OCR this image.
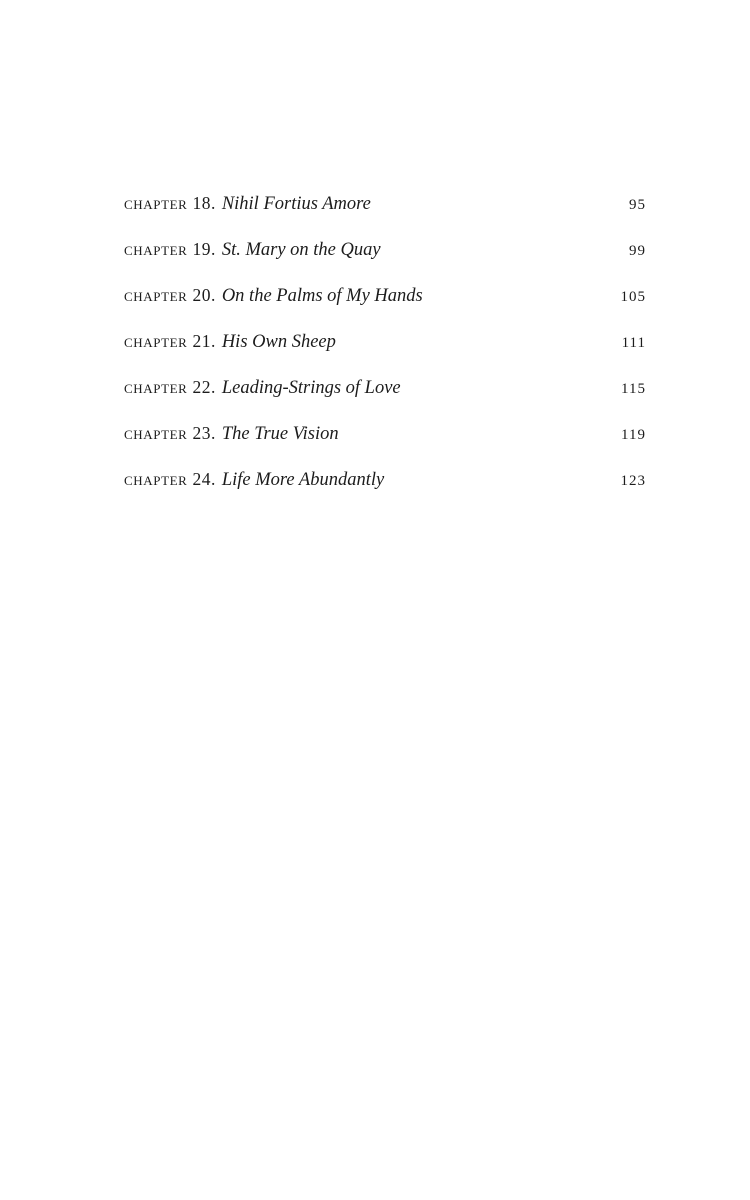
chapter 18. Nihil Fortius Amore	95
chapter 19. St. Mary on the Quay	99
chapter 20. On the Palms of My Hands	105
chapter 21. His Own Sheep	111
chapter 22. Leading-Strings of Love	115
chapter 23. The True Vision	119
chapter 24. Life More Abundantly	123
